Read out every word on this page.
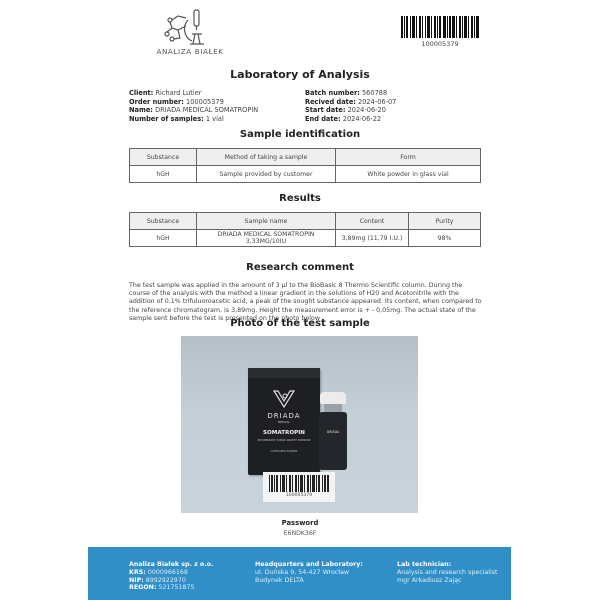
ANALIZA BIAŁEK
100005379
Laboratory of Analysis
Client: Richard Lutier
Order number: 100005379
Name: DRIADA MEDICAL SOMATROPIN
Number of samples: 1 vial
Batch number: 560788
Recived date: 2024-06-07
Start date: 2024-06-20
End date: 2024-06-22
Sample identification
Substance	Method of taking a sample	Form
hGH	Sample provided by customer	White powder in glass vial
Results
Substance	Sample name	Content	Purity
hGH	DRIADA MEDICAL SOMATROPIN 3,33MG/10IU	3,89mg (11,79 I.U.)	98%
Research comment
The test sample was applied in the amount of 3 µl to the BioBasic 8 Thermo Scientific column. During the course of the analysis with the method a linear gradient in the solutions of H20 and Acetonitrile with the addition of 0.1% trifuluoroacetic acid, a peak of the sought substance appeared. Its content, when compared to the reference chromatogram, is 3,89mg. Height the measurement error is + - 0,05mg. The actual state of the sample sent before the test is presented on the photo below
Photo of the test sample
DRIADA
MEDICAL
SOMATROPIN
RECOMBINANT HUMAN GROWTH HORMONE
LYOPHILIZED POWDER
DRIADA
100005379
Password
E6NDK36F
Analiza Białek sp. z o.o.
KRS: 0000966168
NIP: 8992922970
REGON: 521751875
Headquarters and Laboratory:
ul. Duńska 9, 54-427 Wrocław
Budynek DELTA
Lab technician:
Analysis and research specialist
mgr Arkadiusz Zając
